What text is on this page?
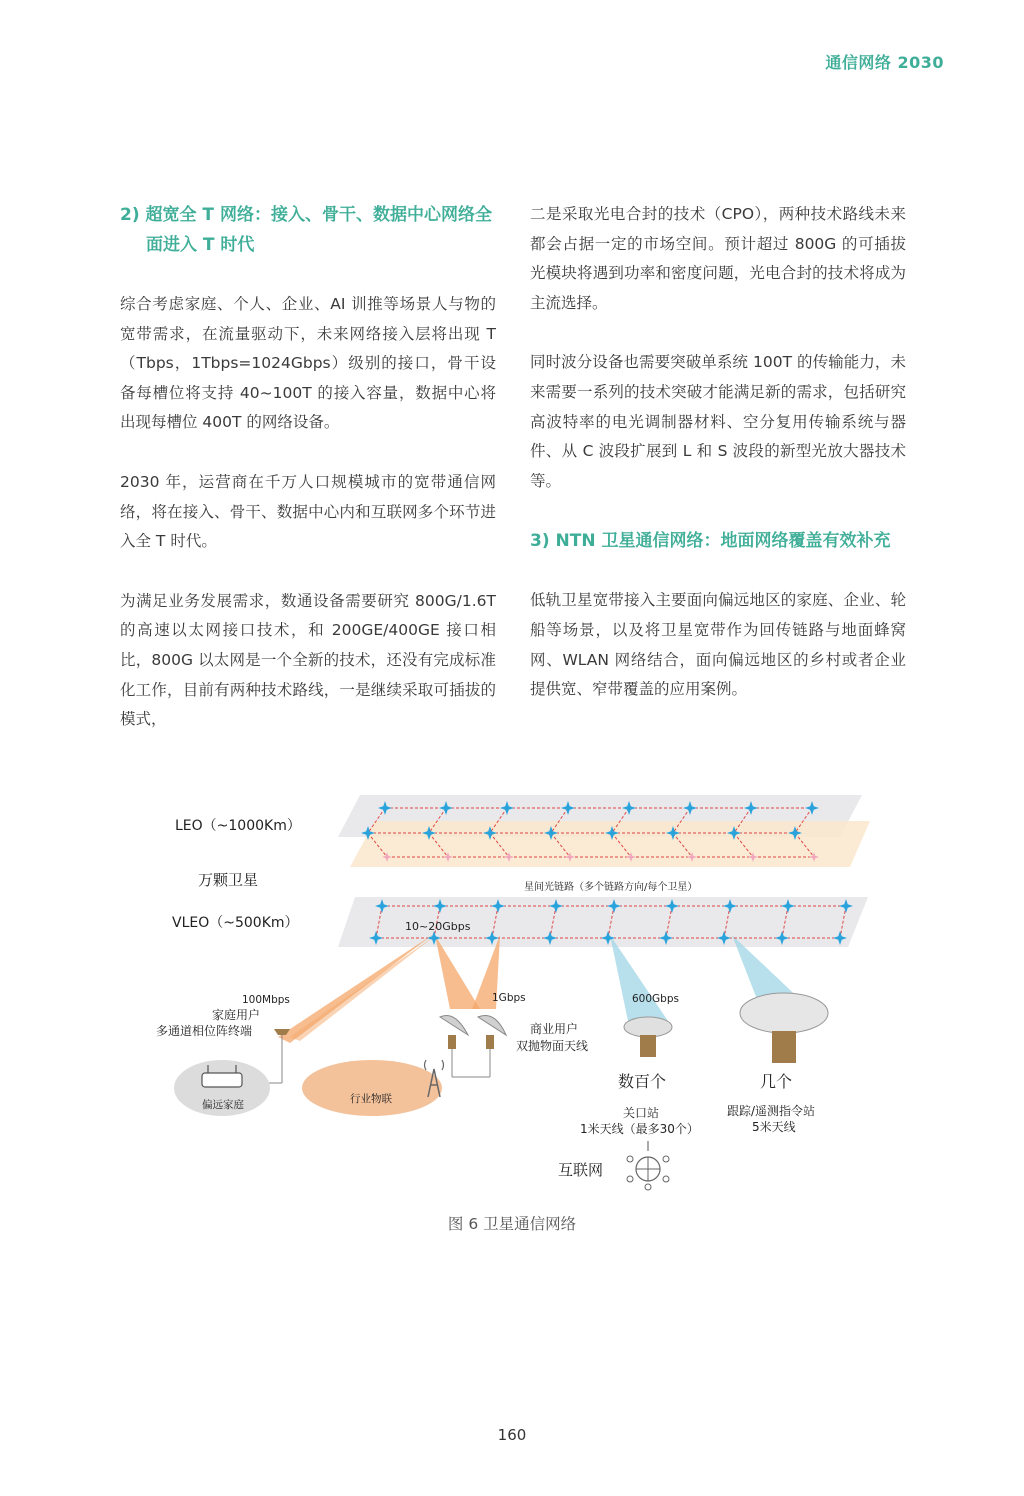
通信网络 2030
2) 超宽全 T 网络：接入、骨干、数据中心网络全面进入 T 时代

综合考虑家庭、个人、企业、AI 训推等场景人与物的宽带需求，在流量驱动下，未来网络接入层将出现 T（Tbps，1Tbps=1024Gbps）级别的接口，骨干设备每槽位将支持 40~100T 的接入容量，数据中心将出现每槽位 400T 的网络设备。

2030 年，运营商在千万人口规模城市的宽带通信网络，将在接入、骨干、数据中心内和互联网多个环节进入全 T 时代。

为满足业务发展需求，数通设备需要研究 800G/1.6T 的高速以太网接口技术，和 200GE/400GE 接口相比，800G 以太网是一个全新的技术，还没有完成标准化工作，目前有两种技术路线，一是继续采取可插拔的模式，

二是采取光电合封的技术（CPO），两种技术路线未来都会占据一定的市场空间。预计超过 800G 的可插拔光模块将遇到功率和密度问题，光电合封的技术将成为主流选择。

同时波分设备也需要突破单系统 100T 的传输能力，未来需要一系列的技术突破才能满足新的需求，包括研究高波特率的电光调制器材料、空分复用传输系统与器件、从 C 波段扩展到 L 和 S 波段的新型光放大器技术等。

3) NTN 卫星通信网络：地面网络覆盖有效补充

低轨卫星宽带接入主要面向偏远地区的家庭、企业、轮船等场景，以及将卫星宽带作为回传链路与地面蜂窝网、WLAN 网络结合，面向偏远地区的乡村或者企业提供宽、窄带覆盖的应用案例。

LEO（~1000Km）
万颗卫星
VLEO（~500Km）
星间光链路（多个链路方向/每个卫星）
10~20Gbps
100Mbps
家庭用户
多通道相位阵终端
1Gbps
商业用户
双抛物面天线
600Gbps
偏远家庭	行业物联
数百个
关口站
1米天线（最多30个）
几个
跟踪/遥测指令站
5米天线
互联网
图 6 卫星通信网络
160
